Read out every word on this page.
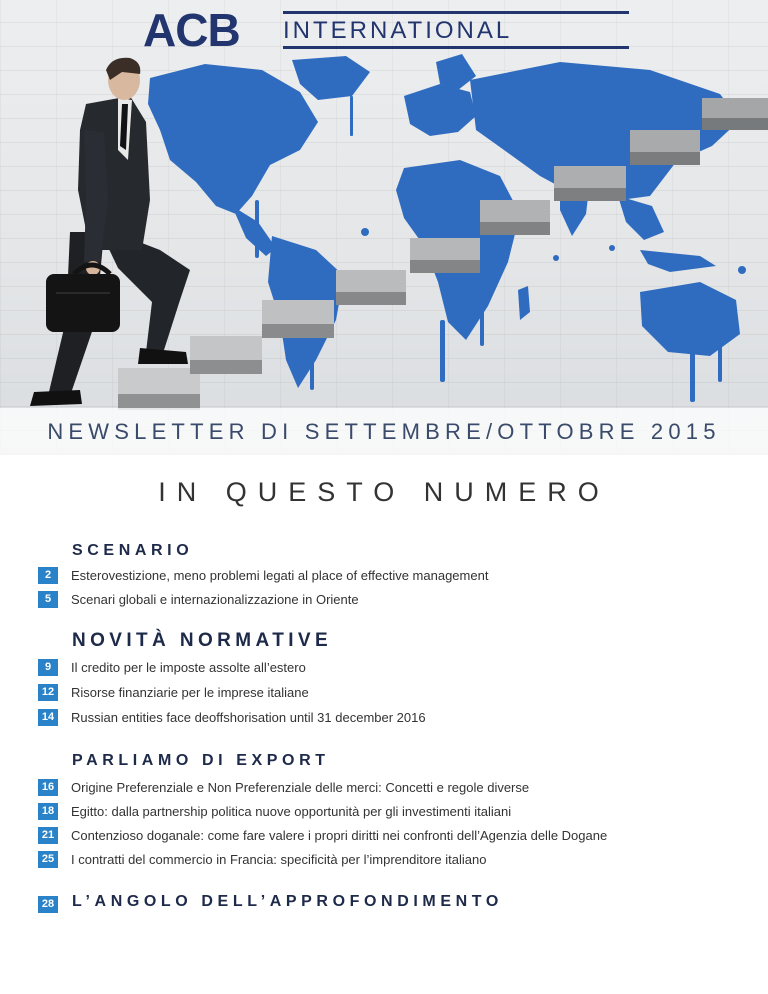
ACB INTERNATIONAL
NEWSLETTER DI SETTEMBRE/OTTOBRE 2015
IN QUESTO NUMERO
SCENARIO
2	Esterovestizione, meno problemi legati al place of effective management
5	Scenari globali e internazionalizzazione in Oriente
NOVITÀ NORMATIVE
9	Il credito per le imposte assolte all’estero
12 Risorse finanziarie per le imprese italiane
14 Russian entities face deoffshorisation until 31 december 2016
PARLIAMO DI EXPORT
16 Origine Preferenziale e Non Preferenziale delle merci: Concetti e regole diverse
18 Egitto: dalla partnership politica nuove opportunità per gli investimenti italiani
21 Contenzioso doganale: come fare valere i propri diritti nei confronti dell’Agenzia delle Dogane
25 I contratti del commercio in Francia: specificità per l’imprenditore italiano
28 L’ANGOLO DELL’APPROFONDIMENTO
